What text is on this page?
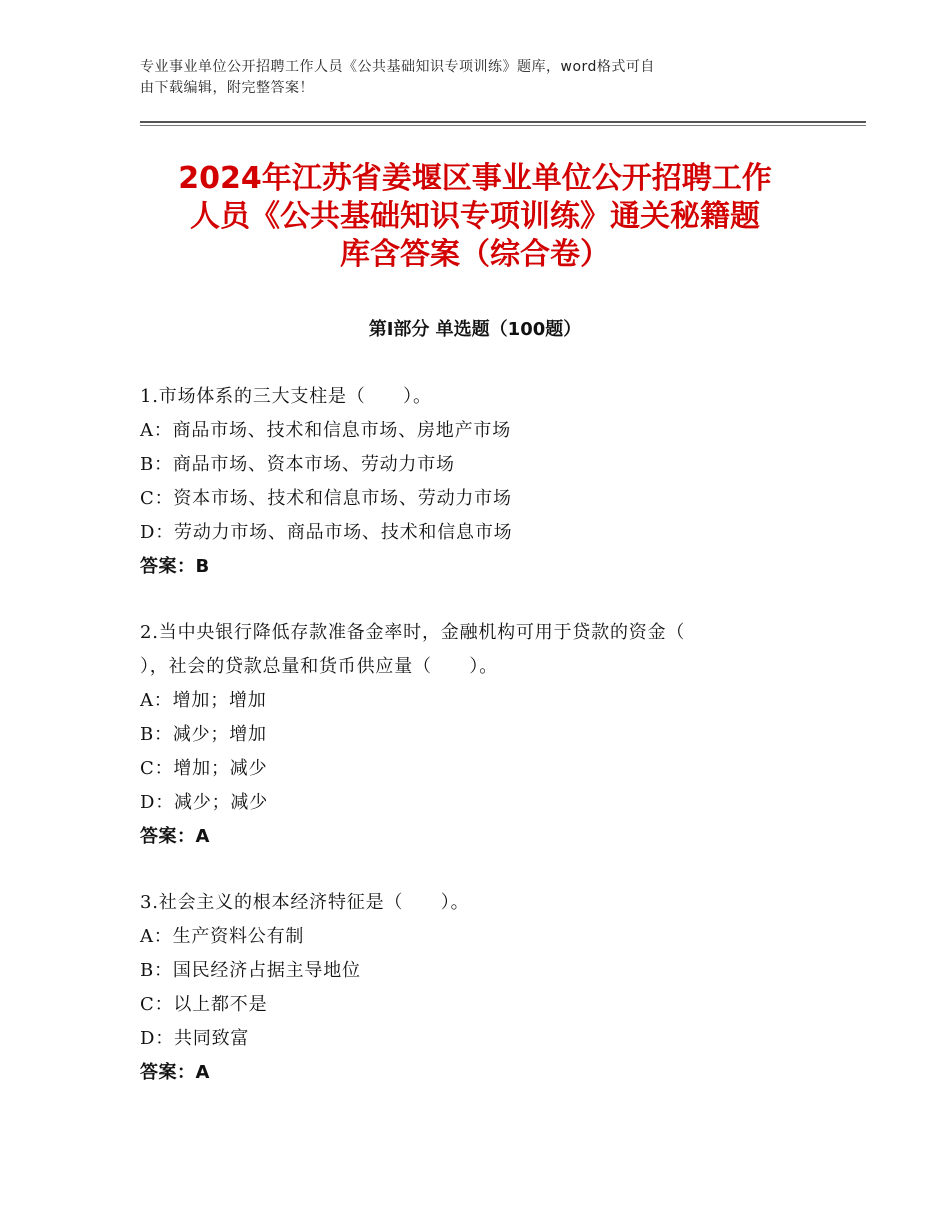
专业事业单位公开招聘工作人员《公共基础知识专项训练》题库，word格式可自
由下载编辑，附完整答案！
2024年江苏省姜堰区事业单位公开招聘工作
人员《公共基础知识专项训练》通关秘籍题
库含答案（综合卷）
第Ⅰ部分 单选题（100题）
1.市场体系的三大支柱是（　　）。
A：商品市场、技术和信息市场、房地产市场
B：商品市场、资本市场、劳动力市场
C：资本市场、技术和信息市场、劳动力市场
D：劳动力市场、商品市场、技术和信息市场
答案：B
2.当中央银行降低存款准备金率时，金融机构可用于贷款的资金（
），社会的贷款总量和货币供应量（　　）。
A：增加；增加
B：减少；增加
C：增加；减少
D：减少；减少
答案：A
3.社会主义的根本经济特征是（　　）。
A：生产资料公有制
B：国民经济占据主导地位
C：以上都不是
D：共同致富
答案：A
